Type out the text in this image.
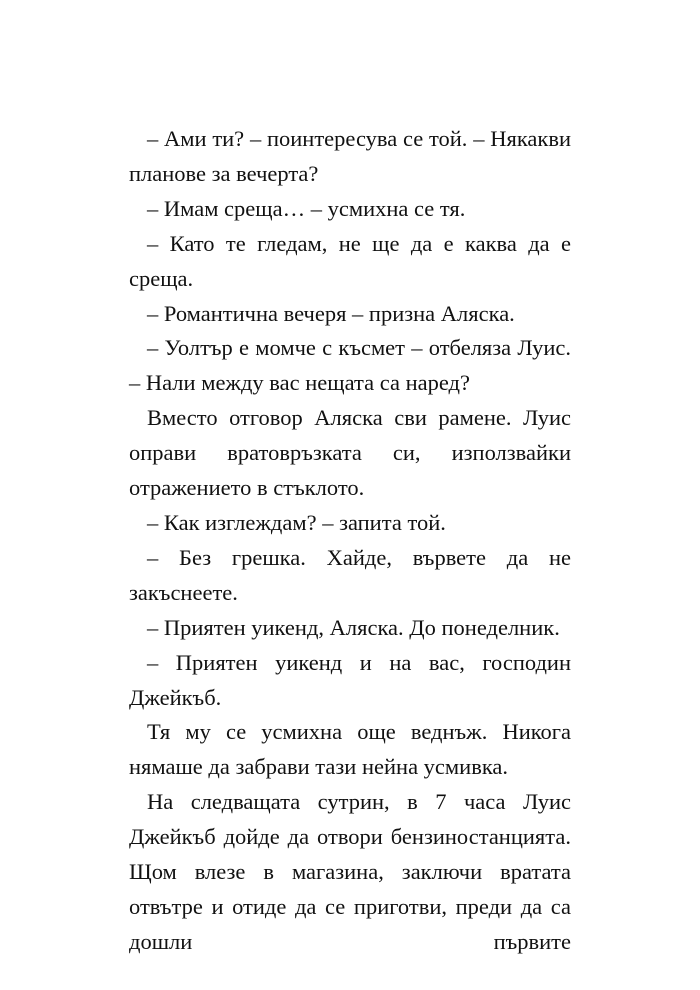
– Ами ти? – поинтересува се той. – Някакви планове за вечерта?

– Имам среща… – усмихна се тя.

– Като те гледам, не ще да е каква да е среща.

– Романтична вечеря – призна Аляска.

– Уолтър е момче с късмет – отбеляза Луис. – Нали между вас нещата са наред?

Вместо отговор Аляска сви рамене. Луис оправи вратовръзката си, използвайки отражението в стъклото.

– Как изглеждам? – запита той.

– Без грешка. Хайде, вървете да не закъснеете.

– Приятен уикенд, Аляска. До понеделник.

– Приятен уикенд и на вас, господин Джейкъб.

Тя му се усмихна още веднъж. Никога нямаше да забрави тази нейна усмивка.

На следващата сутрин, в 7 часа Луис Джейкъб дойде да отвори бензиностанцията. Щом влезе в магазина, заключи вратата отвътре и отиде да се приготви, преди да са дошли първите
